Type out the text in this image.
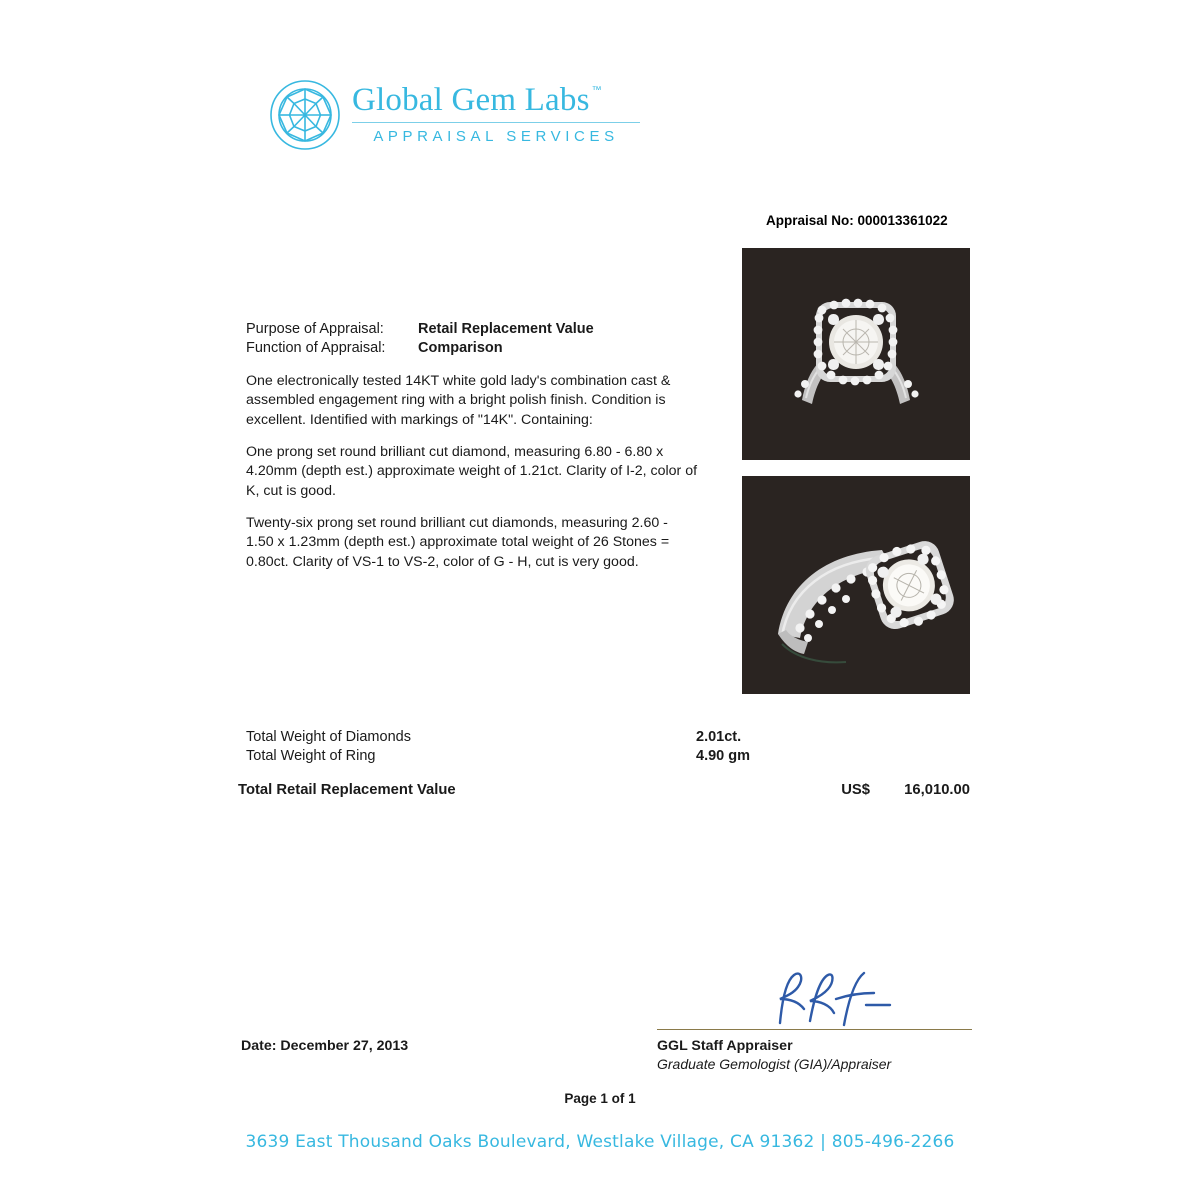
Global Gem Labs ™
APPRAISAL SERVICES
Appraisal No: 000013361022
Purpose of Appraisal:	Retail Replacement Value
Function of Appraisal:	Comparison
One electronically tested 14KT white gold lady's combination cast & assembled engagement ring with a bright polish finish. Condition is excellent. Identified with markings of "14K". Containing:
One prong set round brilliant cut diamond, measuring 6.80 - 6.80 x 4.20mm (depth est.) approximate weight of 1.21ct. Clarity of I-2, color of K, cut is good.
Twenty-six prong set round brilliant cut diamonds, measuring 2.60 - 1.50 x 1.23mm (depth est.) approximate total weight of 26 Stones = 0.80ct. Clarity of VS-1 to VS-2, color of G - H, cut is very good.
Total Weight of Diamonds	2.01ct.
Total Weight of Ring	4.90 gm
Total Retail Replacement Value	US$	16,010.00
GGL Staff Appraiser
Graduate Gemologist (GIA)/Appraiser
Date: December 27, 2013
Page 1 of 1
3639 East Thousand Oaks Boulevard, Westlake Village, CA 91362 | 805-496-2266
